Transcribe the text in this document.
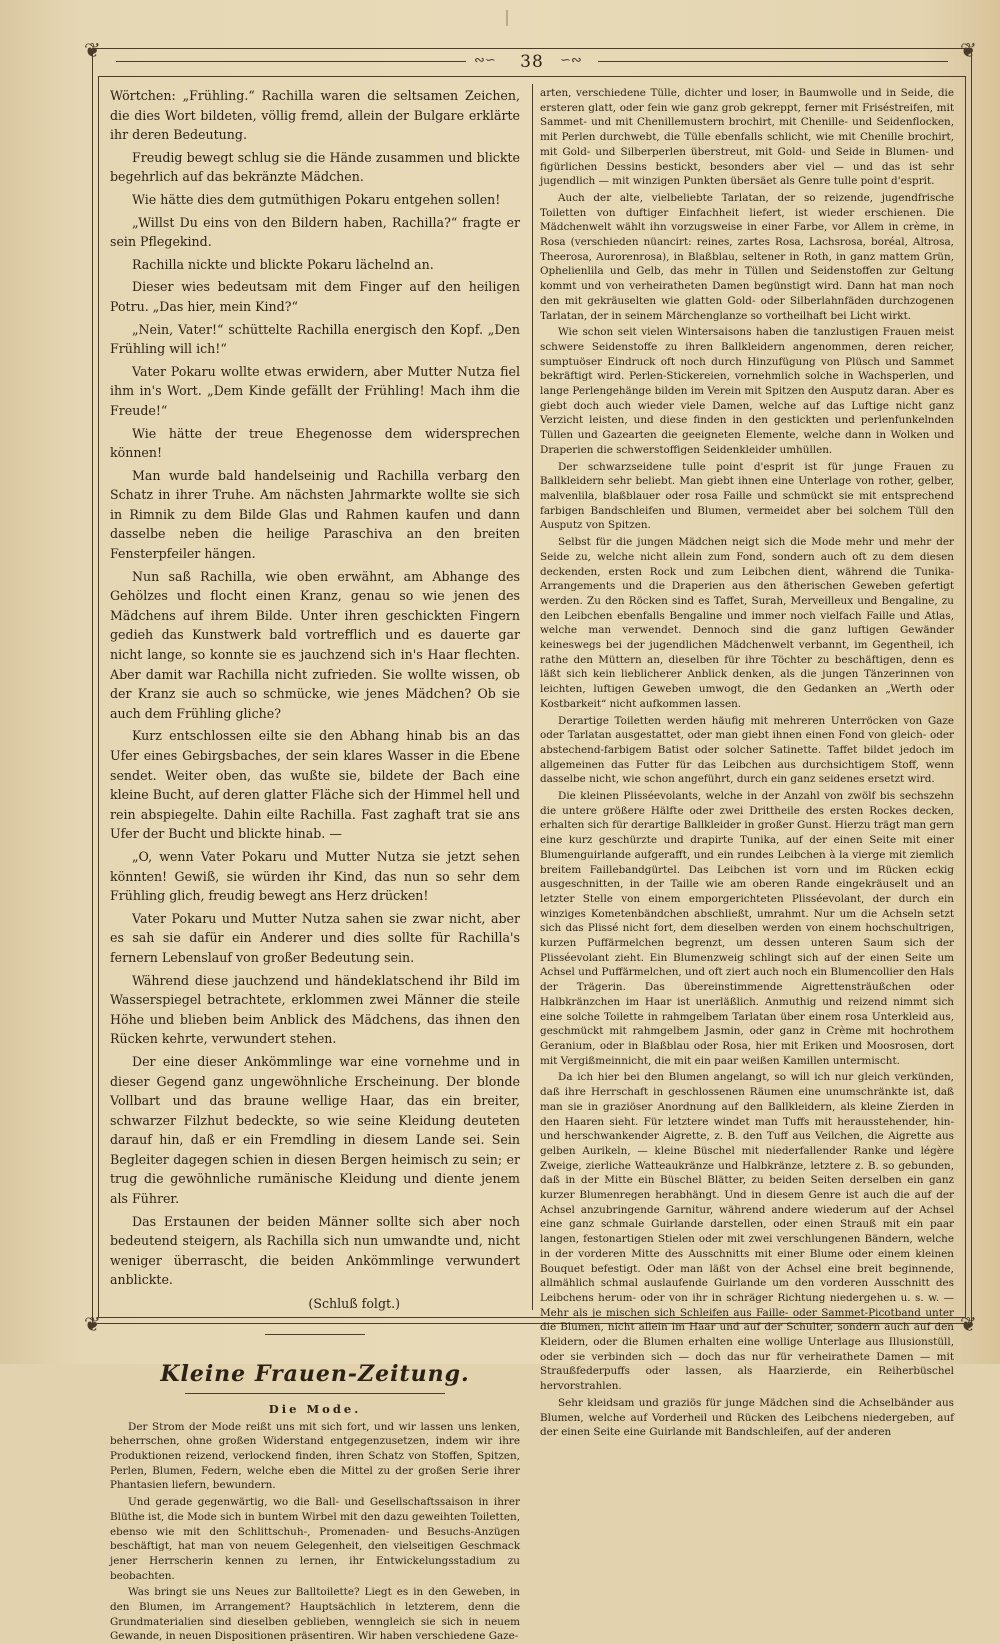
❦	❦
❦	❦
∾∽	38	∽∾

Wörtchen: „Frühling.“ Rachilla waren die seltsamen Zeichen, die dies Wort bildeten, völlig fremd, allein der Bulgare erklärte ihr deren Bedeutung.

Freudig bewegt schlug sie die Hände zusammen und blickte begehrlich auf das bekränzte Mädchen.

Wie hätte dies dem gutmüthigen Pokaru entgehen sollen!

„Willst Du eins von den Bildern haben, Rachilla?“ fragte er sein Pflegekind.

Rachilla nickte und blickte Pokaru lächelnd an.

Dieser wies bedeutsam mit dem Finger auf den heiligen Potru. „Das hier, mein Kind?“

„Nein, Vater!“ schüttelte Rachilla energisch den Kopf. „Den Frühling will ich!“

Vater Pokaru wollte etwas erwidern, aber Mutter Nutza fiel ihm in's Wort. „Dem Kinde gefällt der Frühling! Mach ihm die Freude!“

Wie hätte der treue Ehegenosse dem widersprechen können!

Man wurde bald handelseinig und Rachilla verbarg den Schatz in ihrer Truhe. Am nächsten Jahrmarkte wollte sie sich in Rimnik zu dem Bilde Glas und Rahmen kaufen und dann dasselbe neben die heilige Paraschiva an den breiten Fensterpfeiler hängen.

Nun saß Rachilla, wie oben erwähnt, am Abhange des Gehölzes und flocht einen Kranz, genau so wie jenen des Mädchens auf ihrem Bilde. Unter ihren geschickten Fingern gedieh das Kunstwerk bald vortrefflich und es dauerte gar nicht lange, so konnte sie es jauchzend sich in's Haar flechten. Aber damit war Rachilla nicht zufrieden. Sie wollte wissen, ob der Kranz sie auch so schmücke, wie jenes Mädchen? Ob sie auch dem Frühling gliche?

Kurz entschlossen eilte sie den Abhang hinab bis an das Ufer eines Gebirgsbaches, der sein klares Wasser in die Ebene sendet. Weiter oben, das wußte sie, bildete der Bach eine kleine Bucht, auf deren glatter Fläche sich der Himmel hell und rein abspiegelte. Dahin eilte Rachilla. Fast zaghaft trat sie ans Ufer der Bucht und blickte hinab. —

„O, wenn Vater Pokaru und Mutter Nutza sie jetzt sehen könnten! Gewiß, sie würden ihr Kind, das nun so sehr dem Frühling glich, freudig bewegt ans Herz drücken!

Vater Pokaru und Mutter Nutza sahen sie zwar nicht, aber es sah sie dafür ein Anderer und dies sollte für Rachilla's fernern Lebenslauf von großer Bedeutung sein.

Während diese jauchzend und händeklatschend ihr Bild im Wasserspiegel betrachtete, erklommen zwei Männer die steile Höhe und blieben beim Anblick des Mädchens, das ihnen den Rücken kehrte, verwundert stehen.

Der eine dieser Ankömmlinge war eine vornehme und in dieser Gegend ganz ungewöhnliche Erscheinung. Der blonde Vollbart und das braune wellige Haar, das ein breiter, schwarzer Filzhut bedeckte, so wie seine Kleidung deuteten darauf hin, daß er ein Fremdling in diesem Lande sei. Sein Begleiter dagegen schien in diesen Bergen heimisch zu sein; er trug die gewöhnliche rumänische Kleidung und diente jenem als Führer.

Das Erstaunen der beiden Männer sollte sich aber noch bedeutend steigern, als Rachilla sich nun umwandte und, nicht weniger überrascht, die beiden Ankömmlinge verwundert anblickte.

(Schluß folgt.)
Kleine Frauen-Zeitung.
Die Mode.

Der Strom der Mode reißt uns mit sich fort, und wir lassen uns lenken, beherrschen, ohne großen Widerstand entgegenzusetzen, indem wir ihre Produktionen reizend, verlockend finden, ihren Schatz von Stoffen, Spitzen, Perlen, Blumen, Federn, welche eben die Mittel zu der großen Serie ihrer Phantasien liefern, bewundern.

Und gerade gegenwärtig, wo die Ball- und Gesellschaftssaison in ihrer Blüthe ist, die Mode sich in buntem Wirbel mit den dazu geweihten Toiletten, ebenso wie mit den Schlittschuh-, Promenaden- und Besuchs-Anzügen beschäftigt, hat man von neuem Gelegenheit, den vielseitigen Geschmack jener Herrscherin kennen zu lernen, ihr Entwickelungsstadium zu beobachten.

Was bringt sie uns Neues zur Balltoilette? Liegt es in den Geweben, in den Blumen, im Arrangement? Hauptsächlich in letzterem, denn die Grundmaterialien sind dieselben geblieben, wenngleich sie sich in neuem Gewande, in neuen Dispositionen präsentiren. Wir haben verschiedene Gaze-

arten, verschiedene Tülle, dichter und loser, in Baumwolle und in Seide, die ersteren glatt, oder fein wie ganz grob gekreppt, ferner mit Friséstreifen, mit Sammet- und mit Chenillemustern brochirt, mit Chenille- und Seidenflocken, mit Perlen durchwebt, die Tülle ebenfalls schlicht, wie mit Chenille brochirt, mit Gold- und Silberperlen überstreut, mit Gold- und Seide in Blumen- und figürlichen Dessins bestickt, besonders aber viel — und das ist sehr jugendlich — mit winzigen Punkten übersäet als Genre tulle point d'esprit.

Auch der alte, vielbeliebte Tarlatan, der so reizende, jugendfrische Toiletten von duftiger Einfachheit liefert, ist wieder erschienen. Die Mädchenwelt wählt ihn vorzugsweise in einer Farbe, vor Allem in crème, in Rosa (verschieden nüancirt: reines, zartes Rosa, Lachsrosa, boréal, Altrosa, Theerosa, Aurorenrosa), in Blaßblau, seltener in Roth, in ganz mattem Grün, Ophelienlila und Gelb, das mehr in Tüllen und Seidenstoffen zur Geltung kommt und von verheiratheten Damen begünstigt wird. Dann hat man noch den mit gekräuselten wie glatten Gold- oder Silberlahnfäden durchzogenen Tarlatan, der in seinem Märchenglanze so vortheilhaft bei Licht wirkt.

Wie schon seit vielen Wintersaisons haben die tanzlustigen Frauen meist schwere Seidenstoffe zu ihren Ballkleidern angenommen, deren reicher, sumptuöser Eindruck oft noch durch Hinzufügung von Plüsch und Sammet bekräftigt wird. Perlen-Stickereien, vornehmlich solche in Wachsperlen, und lange Perlengehänge bilden im Verein mit Spitzen den Ausputz daran. Aber es giebt doch auch wieder viele Damen, welche auf das Luftige nicht ganz Verzicht leisten, und diese finden in den gestickten und perlenfunkelnden Tüllen und Gazearten die geeigneten Elemente, welche dann in Wolken und Draperien die schwerstoffigen Seidenkleider umhüllen.

Der schwarzseidene tulle point d'esprit ist für junge Frauen zu Ballkleidern sehr beliebt. Man giebt ihnen eine Unterlage von rother, gelber, malvenlila, blaßblauer oder rosa Faille und schmückt sie mit entsprechend farbigen Bandschleifen und Blumen, vermeidet aber bei solchem Tüll den Ausputz von Spitzen.

Selbst für die jungen Mädchen neigt sich die Mode mehr und mehr der Seide zu, welche nicht allein zum Fond, sondern auch oft zu dem diesen deckenden, ersten Rock und zum Leibchen dient, während die Tunika-Arrangements und die Draperien aus den ätherischen Geweben gefertigt werden. Zu den Röcken sind es Taffet, Surah, Merveilleux und Bengaline, zu den Leibchen ebenfalls Bengaline und immer noch vielfach Faille und Atlas, welche man verwendet. Dennoch sind die ganz luftigen Gewänder keineswegs bei der jugendlichen Mädchenwelt verbannt, im Gegentheil, ich rathe den Müttern an, dieselben für ihre Töchter zu beschäftigen, denn es läßt sich kein lieblicherer Anblick denken, als die jungen Tänzerinnen von leichten, luftigen Geweben umwogt, die den Gedanken an „Werth oder Kostbarkeit“ nicht aufkommen lassen.

Derartige Toiletten werden häufig mit mehreren Unterröcken von Gaze oder Tarlatan ausgestattet, oder man giebt ihnen einen Fond von gleich- oder abstechend-farbigem Batist oder solcher Satinette. Taffet bildet jedoch im allgemeinen das Futter für das Leibchen aus durchsichtigem Stoff, wenn dasselbe nicht, wie schon angeführt, durch ein ganz seidenes ersetzt wird.

Die kleinen Plisséevolants, welche in der Anzahl von zwölf bis sechszehn die untere größere Hälfte oder zwei Drittheile des ersten Rockes decken, erhalten sich für derartige Ballkleider in großer Gunst. Hierzu trägt man gern eine kurz geschürzte und drapirte Tunika, auf der einen Seite mit einer Blumenguirlande aufgerafft, und ein rundes Leibchen à la vierge mit ziemlich breitem Faillebandgürtel. Das Leibchen ist vorn und im Rücken eckig ausgeschnitten, in der Taille wie am oberen Rande eingekräuselt und an letzter Stelle von einem emporgerichteten Plisséevolant, der durch ein winziges Kometenbändchen abschließt, umrahmt. Nur um die Achseln setzt sich das Plissé nicht fort, dem dieselben werden von einem hochschultrigen, kurzen Puffärmelchen begrenzt, um dessen unteren Saum sich der Plisséevolant zieht. Ein Blumenzweig schlingt sich auf der einen Seite um Achsel und Puffärmelchen, und oft ziert auch noch ein Blumencollier den Hals der Trägerin. Das übereinstimmende Aigrettensträußchen oder Halbkränzchen im Haar ist unerläßlich. Anmuthig und reizend nimmt sich eine solche Toilette in rahmgelbem Tarlatan über einem rosa Unterkleid aus, geschmückt mit rahmgelbem Jasmin, oder ganz in Crème mit hochrothem Geranium, oder in Blaßblau oder Rosa, hier mit Eriken und Moosrosen, dort mit Vergißmeinnicht, die mit ein paar weißen Kamillen untermischt.

Da ich hier bei den Blumen angelangt, so will ich nur gleich verkünden, daß ihre Herrschaft in geschlossenen Räumen eine unumschränkte ist, daß man sie in graziöser Anordnung auf den Ballkleidern, als kleine Zierden in den Haaren sieht. Für letztere windet man Tuffs mit herausstehender, hin- und herschwankender Aigrette, z. B. den Tuff aus Veilchen, die Aigrette aus gelben Aurikeln, — kleine Büschel mit niederfallender Ranke und légère Zweige, zierliche Watteaukränze und Halbkränze, letztere z. B. so gebunden, daß in der Mitte ein Büschel Blätter, zu beiden Seiten derselben ein ganz kurzer Blumenregen herabhängt. Und in diesem Genre ist auch die auf der Achsel anzubringende Garnitur, während andere wiederum auf der Achsel eine ganz schmale Guirlande darstellen, oder einen Strauß mit ein paar langen, festonartigen Stielen oder mit zwei verschlungenen Bändern, welche in der vorderen Mitte des Ausschnitts mit einer Blume oder einem kleinen Bouquet befestigt. Oder man läßt von der Achsel eine breit beginnende, allmählich schmal auslaufende Guirlande um den vorderen Ausschnitt des Leibchens herum- oder von ihr in schräger Richtung niedergehen u. s. w. — Mehr als je mischen sich Schleifen aus Faille- oder Sammet-Picotband unter die Blumen, nicht allein im Haar und auf der Schulter, sondern auch auf den Kleidern, oder die Blumen erhalten eine wollige Unterlage aus Illusionstüll, oder sie verbinden sich — doch das nur für verheirathete Damen — mit Straußfederpuffs oder lassen, als Haarzierde, ein Reiherbüschel hervorstrahlen.

Sehr kleidsam und graziös für junge Mädchen sind die Achselbänder aus Blumen, welche auf Vorderheil und Rücken des Leibchens niedergeben, auf der einen Seite eine Guirlande mit Bandschleifen, auf der anderen
